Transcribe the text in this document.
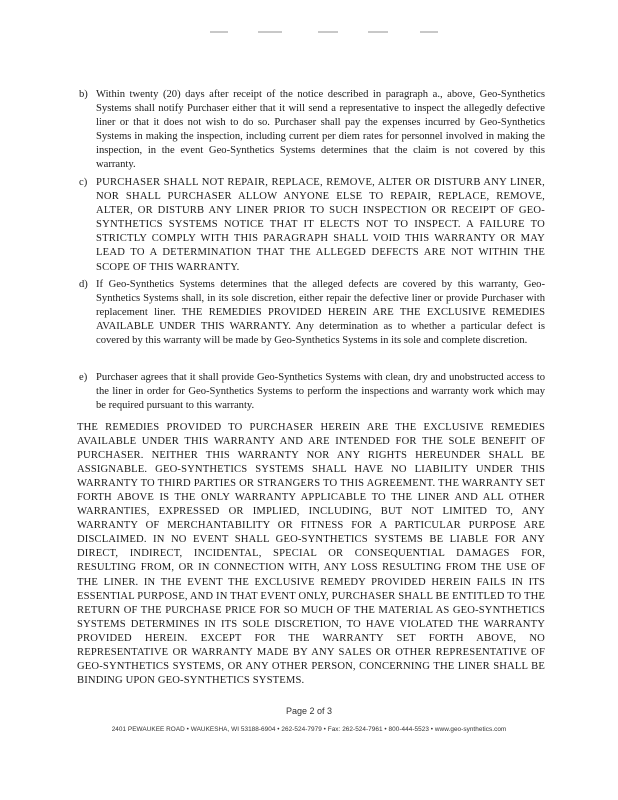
b) Within twenty (20) days after receipt of the notice described in paragraph a., above, Geo-Synthetics Systems shall notify Purchaser either that it will send a representative to inspect the allegedly defective liner or that it does not wish to do so. Purchaser shall pay the expenses incurred by Geo-Synthetics Systems in making the inspection, including current per diem rates for personnel involved in making the inspection, in the event Geo-Synthetics Systems determines that the claim is not covered by this warranty.
c) PURCHASER SHALL NOT REPAIR, REPLACE, REMOVE, ALTER OR DISTURB ANY LINER, NOR SHALL PURCHASER ALLOW ANYONE ELSE TO REPAIR, REPLACE, REMOVE, ALTER, OR DISTURB ANY LINER PRIOR TO SUCH INSPECTION OR RECEIPT OF GEO-SYNTHETICS SYSTEMS NOTICE THAT IT ELECTS NOT TO INSPECT. A FAILURE TO STRICTLY COMPLY WITH THIS PARAGRAPH SHALL VOID THIS WARRANTY OR MAY LEAD TO A DETERMINATION THAT THE ALLEGED DEFECTS ARE NOT WITHIN THE SCOPE OF THIS WARRANTY.
d) If Geo-Synthetics Systems determines that the alleged defects are covered by this warranty, Geo-Synthetics Systems shall, in its sole discretion, either repair the defective liner or provide Purchaser with replacement liner. THE REMEDIES PROVIDED HEREIN ARE THE EXCLUSIVE REMEDIES AVAILABLE UNDER THIS WARRANTY. Any determination as to whether a particular defect is covered by this warranty will be made by Geo-Synthetics Systems in its sole and complete discretion.
e) Purchaser agrees that it shall provide Geo-Synthetics Systems with clean, dry and unobstructed access to the liner in order for Geo-Synthetics Systems to perform the inspections and warranty work which may be required pursuant to this warranty.
THE REMEDIES PROVIDED TO PURCHASER HEREIN ARE THE EXCLUSIVE REMEDIES AVAILABLE UNDER THIS WARRANTY AND ARE INTENDED FOR THE SOLE BENEFIT OF PURCHASER. NEITHER THIS WARRANTY NOR ANY RIGHTS HEREUNDER SHALL BE ASSIGNABLE. GEO-SYNTHETICS SYSTEMS SHALL HAVE NO LIABILITY UNDER THIS WARRANTY TO THIRD PARTIES OR STRANGERS TO THIS AGREEMENT. THE WARRANTY SET FORTH ABOVE IS THE ONLY WARRANTY APPLICABLE TO THE LINER AND ALL OTHER WARRANTIES, EXPRESSED OR IMPLIED, INCLUDING, BUT NOT LIMITED TO, ANY WARRANTY OF MERCHANTABILITY OR FITNESS FOR A PARTICULAR PURPOSE ARE DISCLAIMED. IN NO EVENT SHALL GEO-SYNTHETICS SYSTEMS BE LIABLE FOR ANY DIRECT, INDIRECT, INCIDENTAL, SPECIAL OR CONSEQUENTIAL DAMAGES FOR, RESULTING FROM, OR IN CONNECTION WITH, ANY LOSS RESULTING FROM THE USE OF THE LINER. IN THE EVENT THE EXCLUSIVE REMEDY PROVIDED HEREIN FAILS IN ITS ESSENTIAL PURPOSE, AND IN THAT EVENT ONLY, PURCHASER SHALL BE ENTITLED TO THE RETURN OF THE PURCHASE PRICE FOR SO MUCH OF THE MATERIAL AS GEO-SYNTHETICS SYSTEMS DETERMINES IN ITS SOLE DISCRETION, TO HAVE VIOLATED THE WARRANTY PROVIDED HEREIN. EXCEPT FOR THE WARRANTY SET FORTH ABOVE, NO REPRESENTATIVE OR WARRANTY MADE BY ANY SALES OR OTHER REPRESENTATIVE OF GEO-SYNTHETICS SYSTEMS, OR ANY OTHER PERSON, CONCERNING THE LINER SHALL BE BINDING UPON GEO-SYNTHETICS SYSTEMS.
Page 2 of 3
2401 PEWAUKEE ROAD • WAUKESHA, WI 53188-6904 • 262-524-7979 • Fax: 262-524-7961 • 800-444-5523 • www.geo-synthetics.com
